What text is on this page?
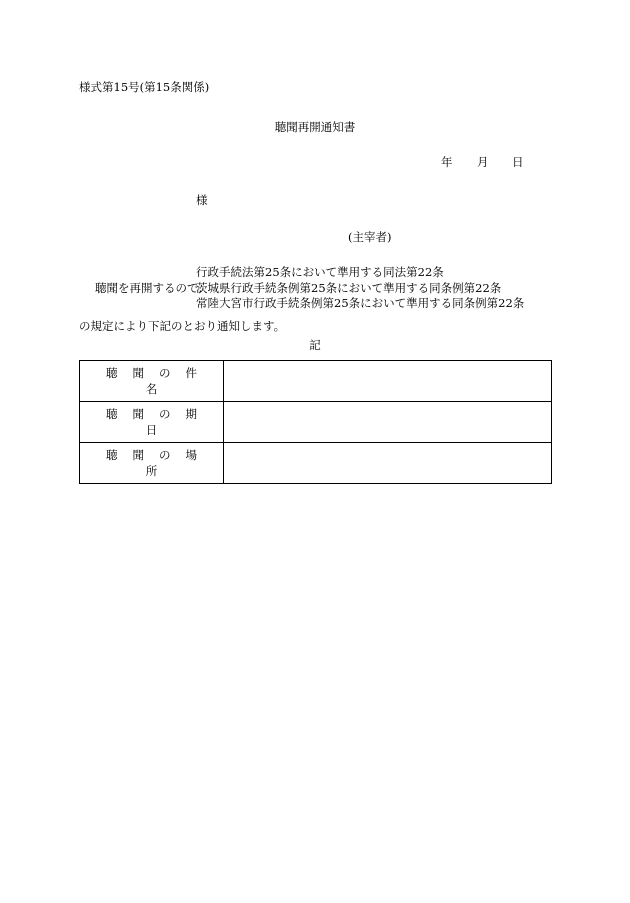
様式第15号(第15条関係)
聴聞再開通知書
年 月 日
様
(主宰者)
行政手続法第25条において準用する同法第22条
聴聞を再開するので,
茨城県行政手続条例第25条において準用する同条例第22条
常陸大宮市行政手続条例第25条において準用する同条例第22条
の規定により下記のとおり通知します。
記
聴聞の件名	
聴聞の期日	
聴聞の場所	
